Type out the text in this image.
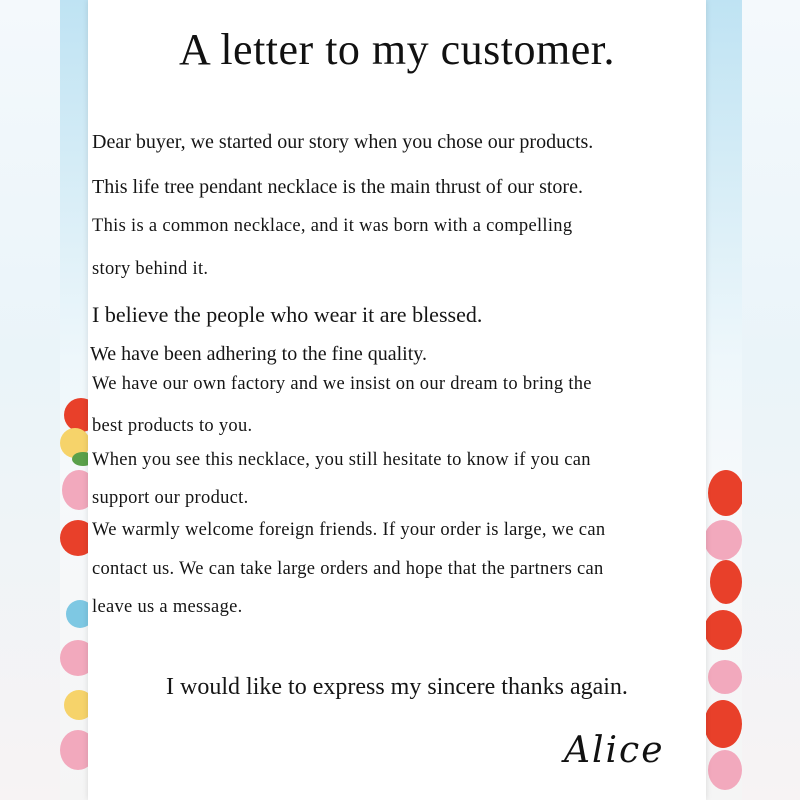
A letter to my customer.
Dear buyer, we started our story when you chose our products.
This life tree pendant necklace is the main thrust of our store.
This is a common necklace, and it was born with a compelling
story behind it.
I believe the people who wear it are blessed.
We have been adhering to the fine quality.
We have our own factory and we insist on our dream to bring the
best products to you.
When you see this necklace, you still hesitate to know if you can
support our product.
We warmly welcome foreign friends. If your order is large, we can
contact us. We can take large orders and hope that the partners can
leave us a message.
I would like to express my sincere thanks again.
Alice
